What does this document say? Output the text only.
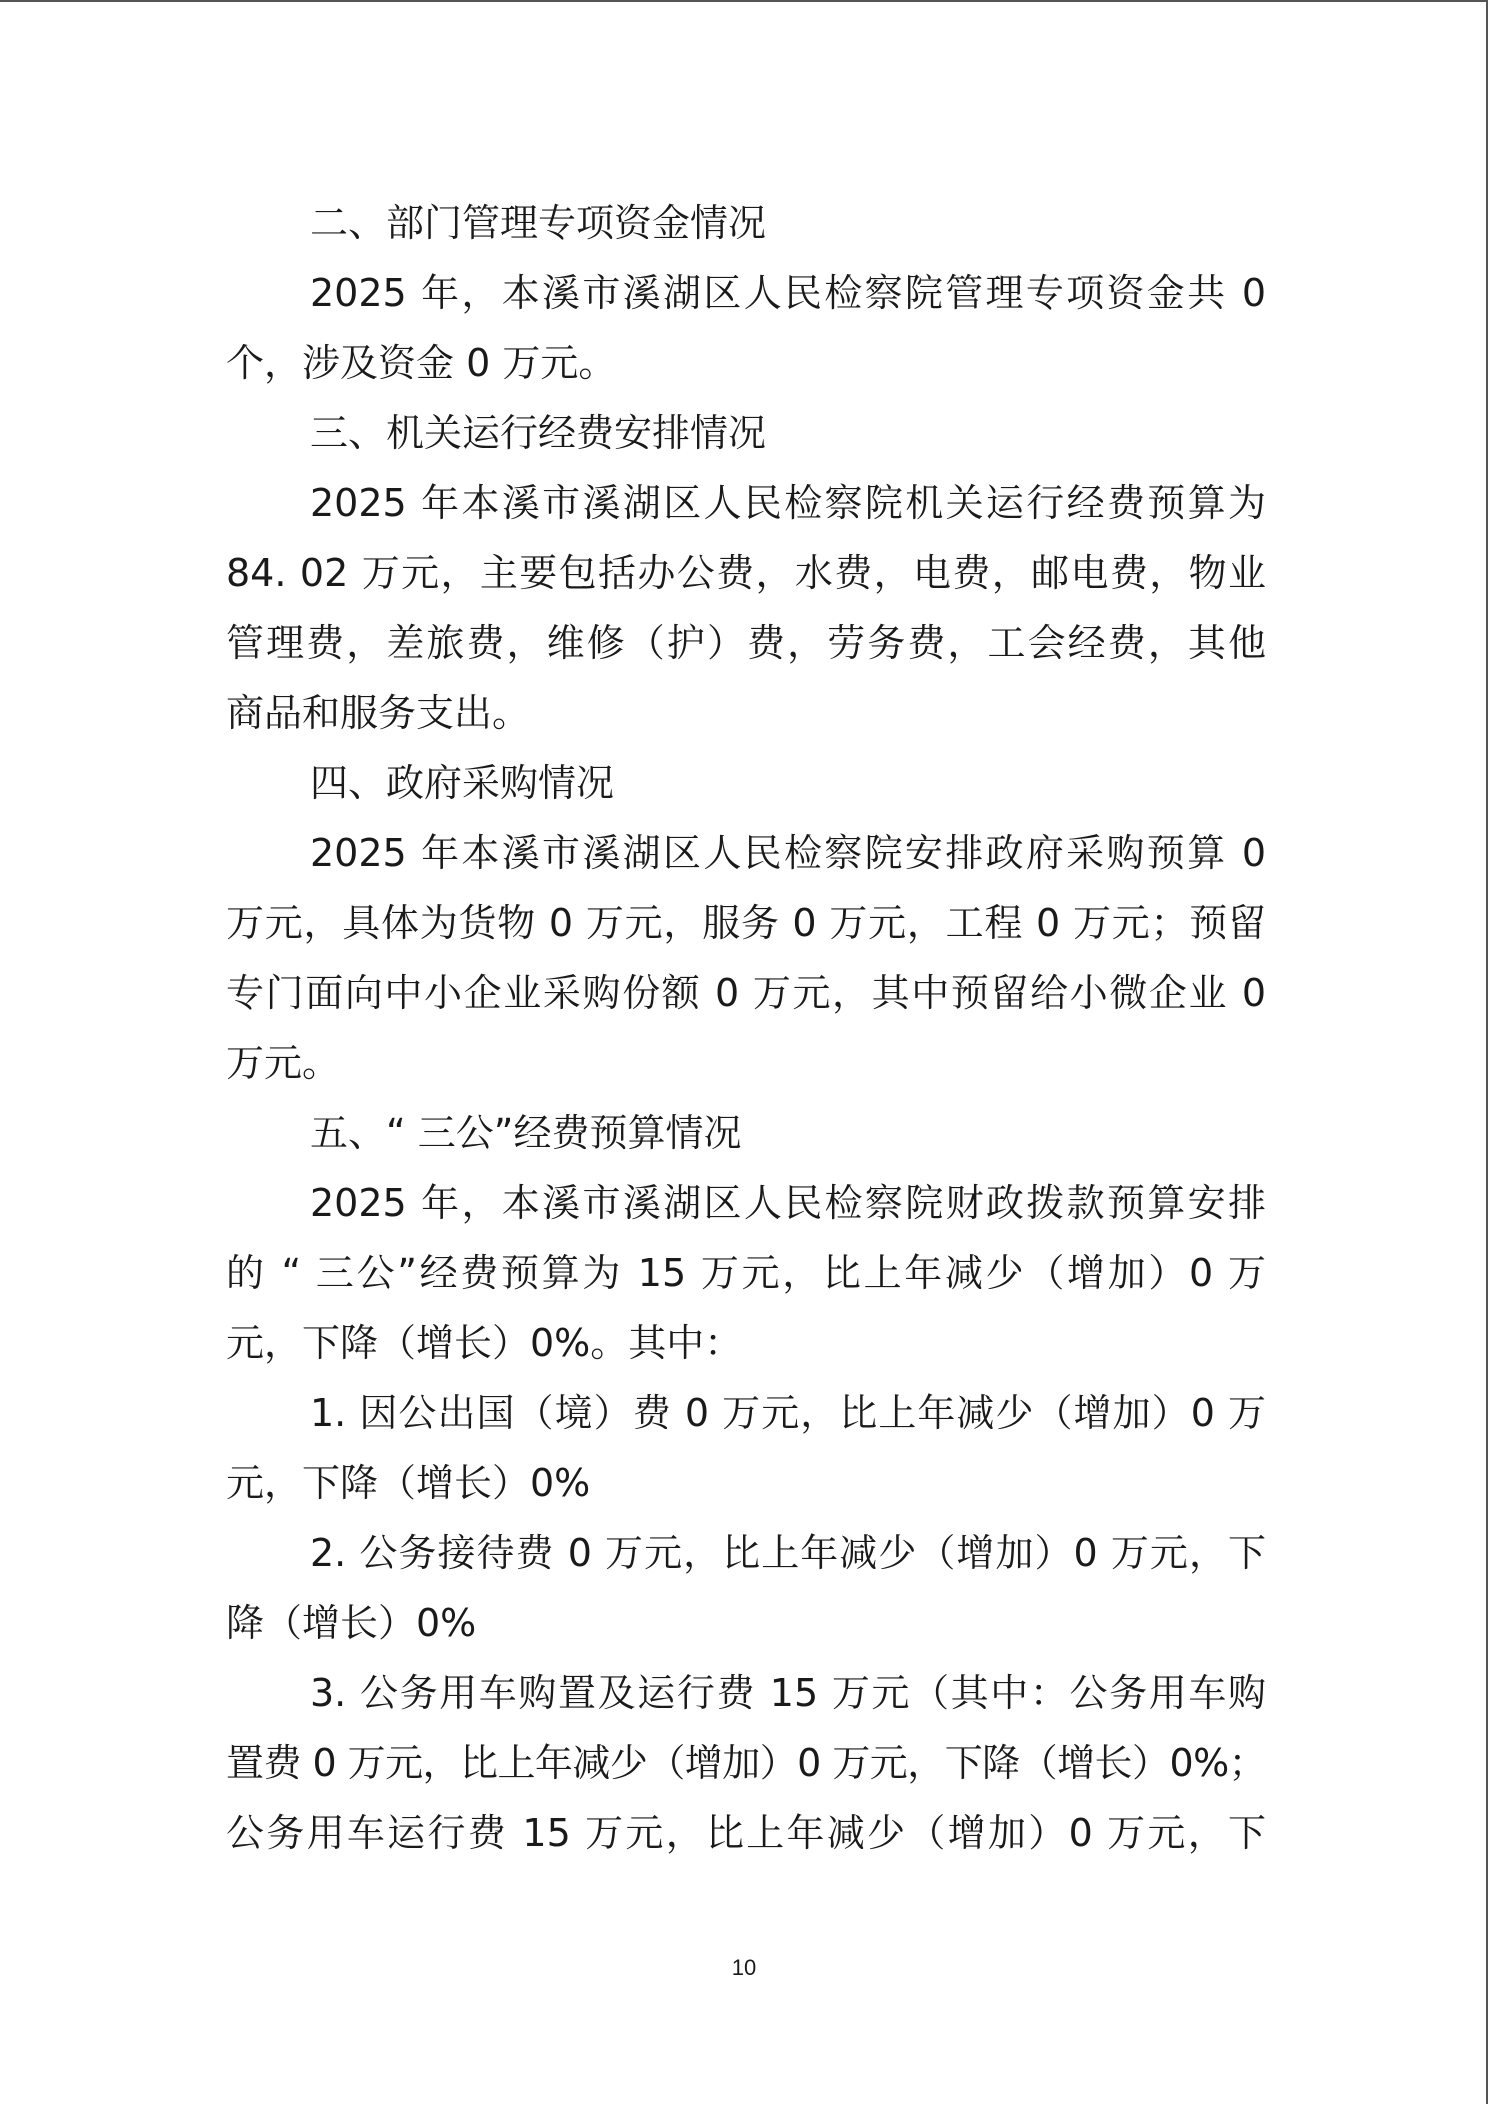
二、部门管理专项资金情况
2025 年，本溪市溪湖区人民检察院管理专项资金共 0
个，涉及资金 0 万元。
三、机关运行经费安排情况
2025 年本溪市溪湖区人民检察院机关运行经费预算为
84. 02 万元，主要包括办公费，水费，电费，邮电费，物业
管理费，差旅费，维修（护）费，劳务费，工会经费，其他
商品和服务支出。
四、政府采购情况
2025 年本溪市溪湖区人民检察院安排政府采购预算 0
万元，具体为货物 0 万元，服务 0 万元，工程 0 万元；预留
专门面向中小企业采购份额 0 万元，其中预留给小微企业 0
万元。
五、“ 三公”经费预算情况
2025 年，本溪市溪湖区人民检察院财政拨款预算安排
的 “ 三公”经费预算为 15 万元，比上年减少（增加）0 万
元，下降（增长）0%。其中：
1. 因公出国（境）费 0 万元，比上年减少（增加）0 万
元，下降（增长）0%
2. 公务接待费 0 万元，比上年减少（增加）0 万元，下
降（增长）0%
3. 公务用车购置及运行费 15 万元（其中：公务用车购
置费 0 万元，比上年减少（增加）0 万元，下降（增长）0%；
公务用车运行费 15 万元，比上年减少（增加）0 万元，下
10
